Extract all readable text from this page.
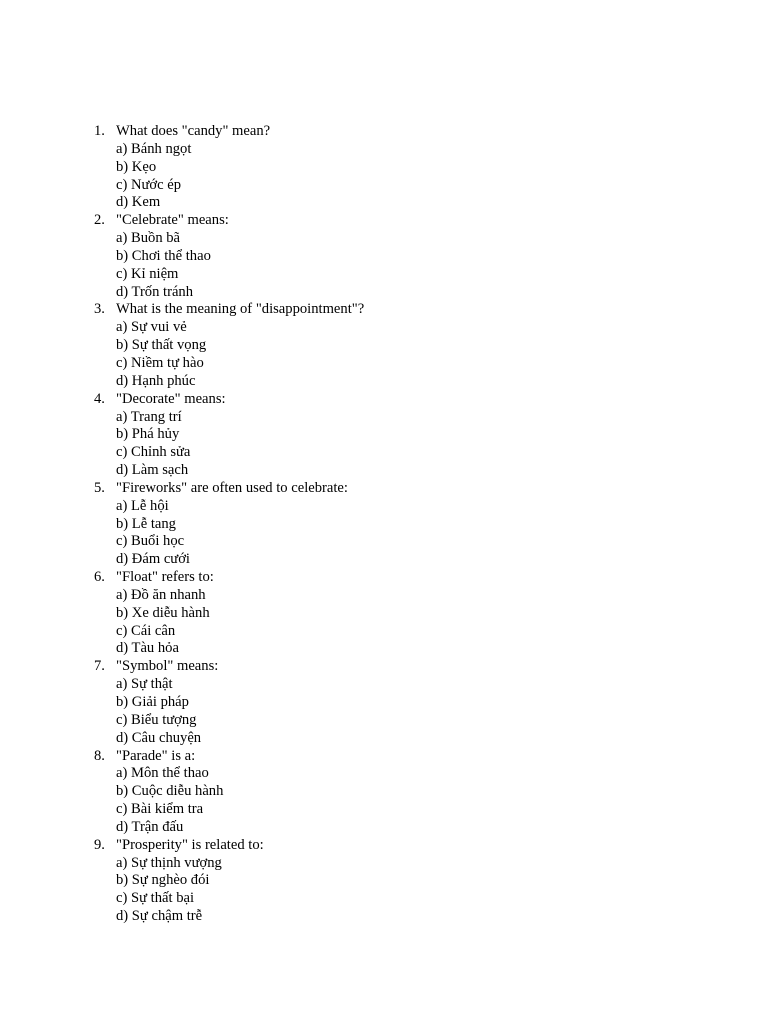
1. What does "candy" mean?
a) Bánh ngọt
b) Kẹo
c) Nước ép
d) Kem
2. "Celebrate" means:
a) Buồn bã
b) Chơi thể thao
c) Kỉ niệm
d) Trốn tránh
3. What is the meaning of "disappointment"?
a) Sự vui vẻ
b) Sự thất vọng
c) Niềm tự hào
d) Hạnh phúc
4. "Decorate" means:
a) Trang trí
b) Phá hủy
c) Chỉnh sửa
d) Làm sạch
5. "Fireworks" are often used to celebrate:
a) Lễ hội
b) Lễ tang
c) Buổi học
d) Đám cưới
6. "Float" refers to:
a) Đồ ăn nhanh
b) Xe diễu hành
c) Cái cân
d) Tàu hỏa
7. "Symbol" means:
a) Sự thật
b) Giải pháp
c) Biểu tượng
d) Câu chuyện
8. "Parade" is a:
a) Môn thể thao
b) Cuộc diễu hành
c) Bài kiểm tra
d) Trận đấu
9. "Prosperity" is related to:
a) Sự thịnh vượng
b) Sự nghèo đói
c) Sự thất bại
d) Sự chậm trễ
